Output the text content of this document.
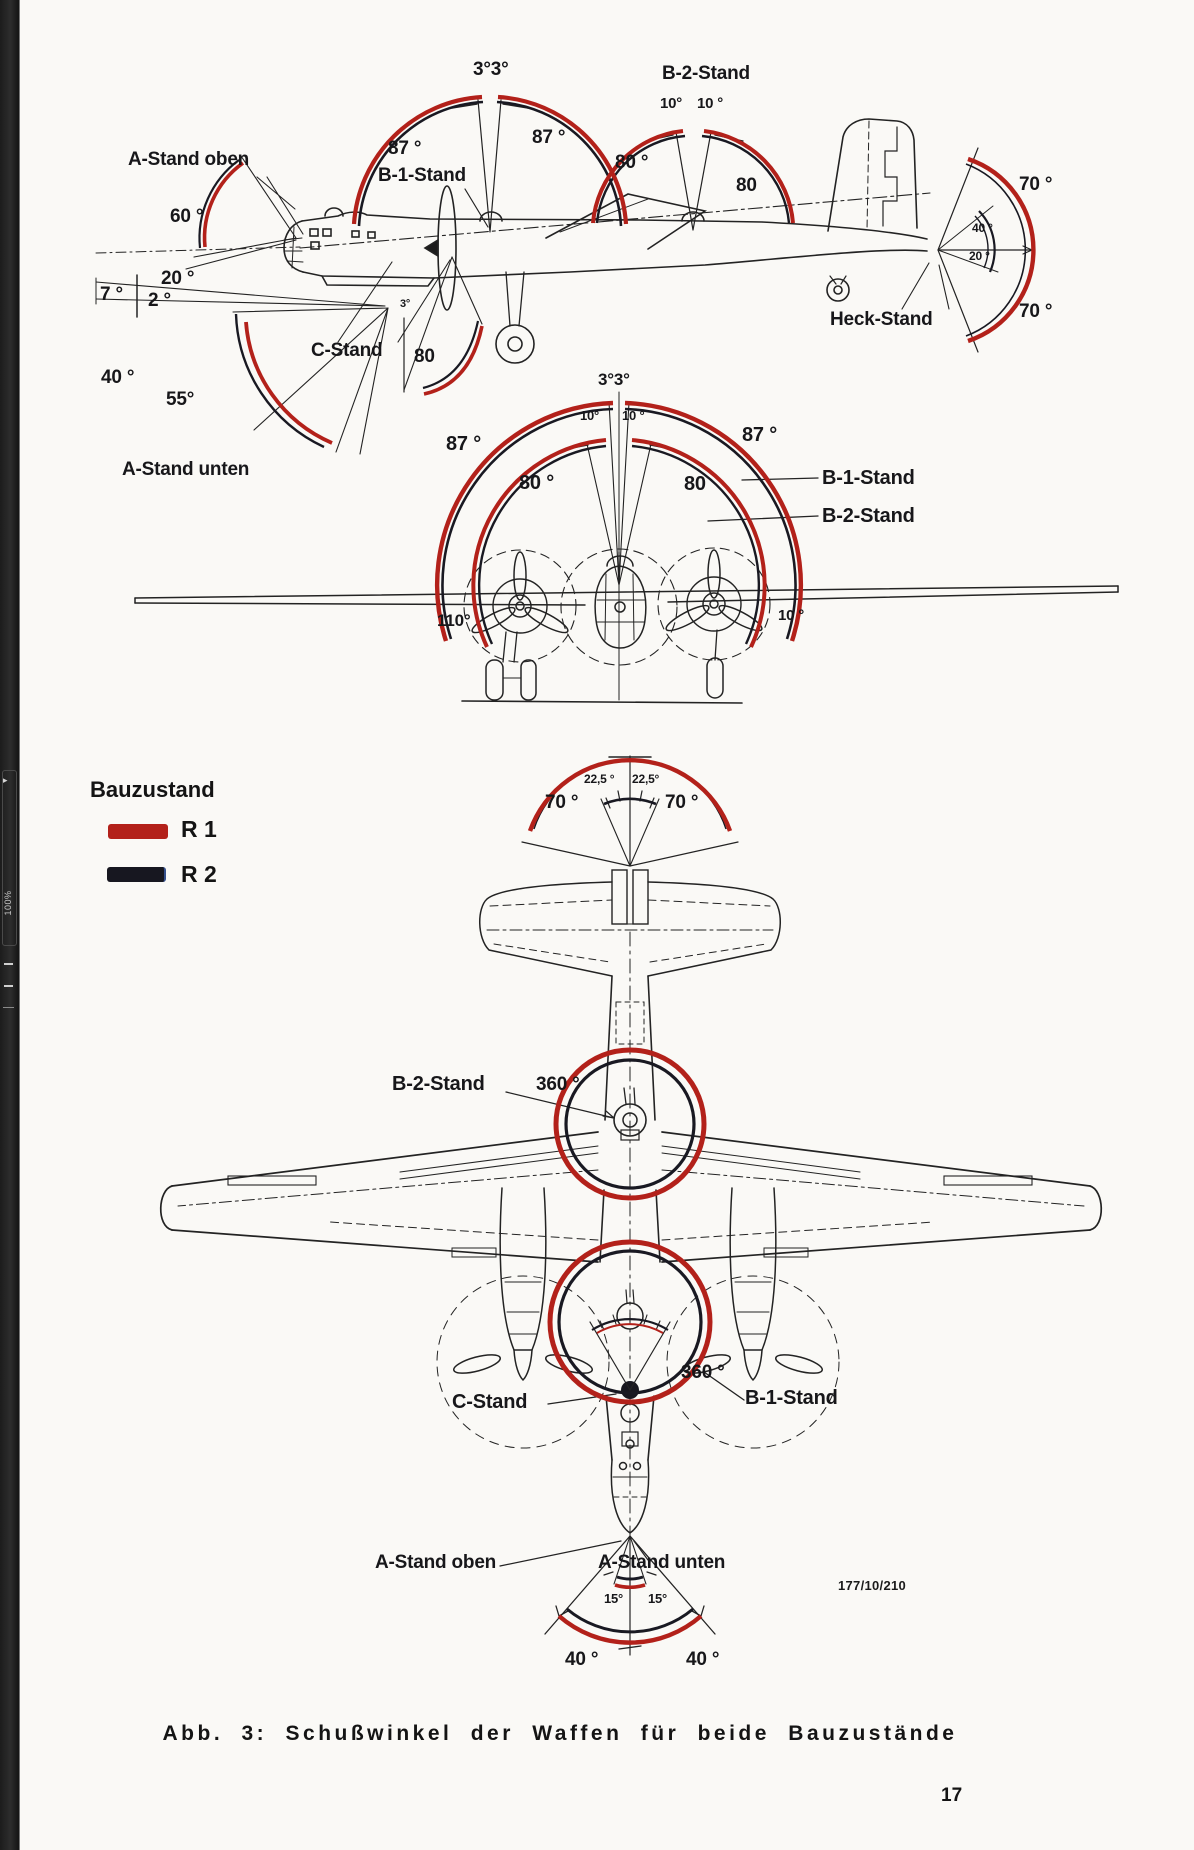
3°3°	B-2-Stand
10° 10 °
A-Stand oben
87 °
87 °
B-1-Stand
80 °
80	70 °
70 °
40 °
20 °
60 °
20 °
7 ° 2 °
40 °
55°
A-Stand unten
C-Stand 80
3°
Heck-Stand
3°3°
10° 10 °
87 °	87 °
80 °	80	B-1-Stand
B-2-Stand
110°	10 °
22,5 ° 22,5°
70 °	70 °
B-2-Stand	360 °
C-Stand
360 °
B-1-Stand
A-Stand oben	A-Stand unten
15° 15°
40 °	40 °
Bauzustand
R 1
R 2
177/10/210
Abb. 3: Schußwinkel der Waffen für beide Bauzustände
17
▸
100%
